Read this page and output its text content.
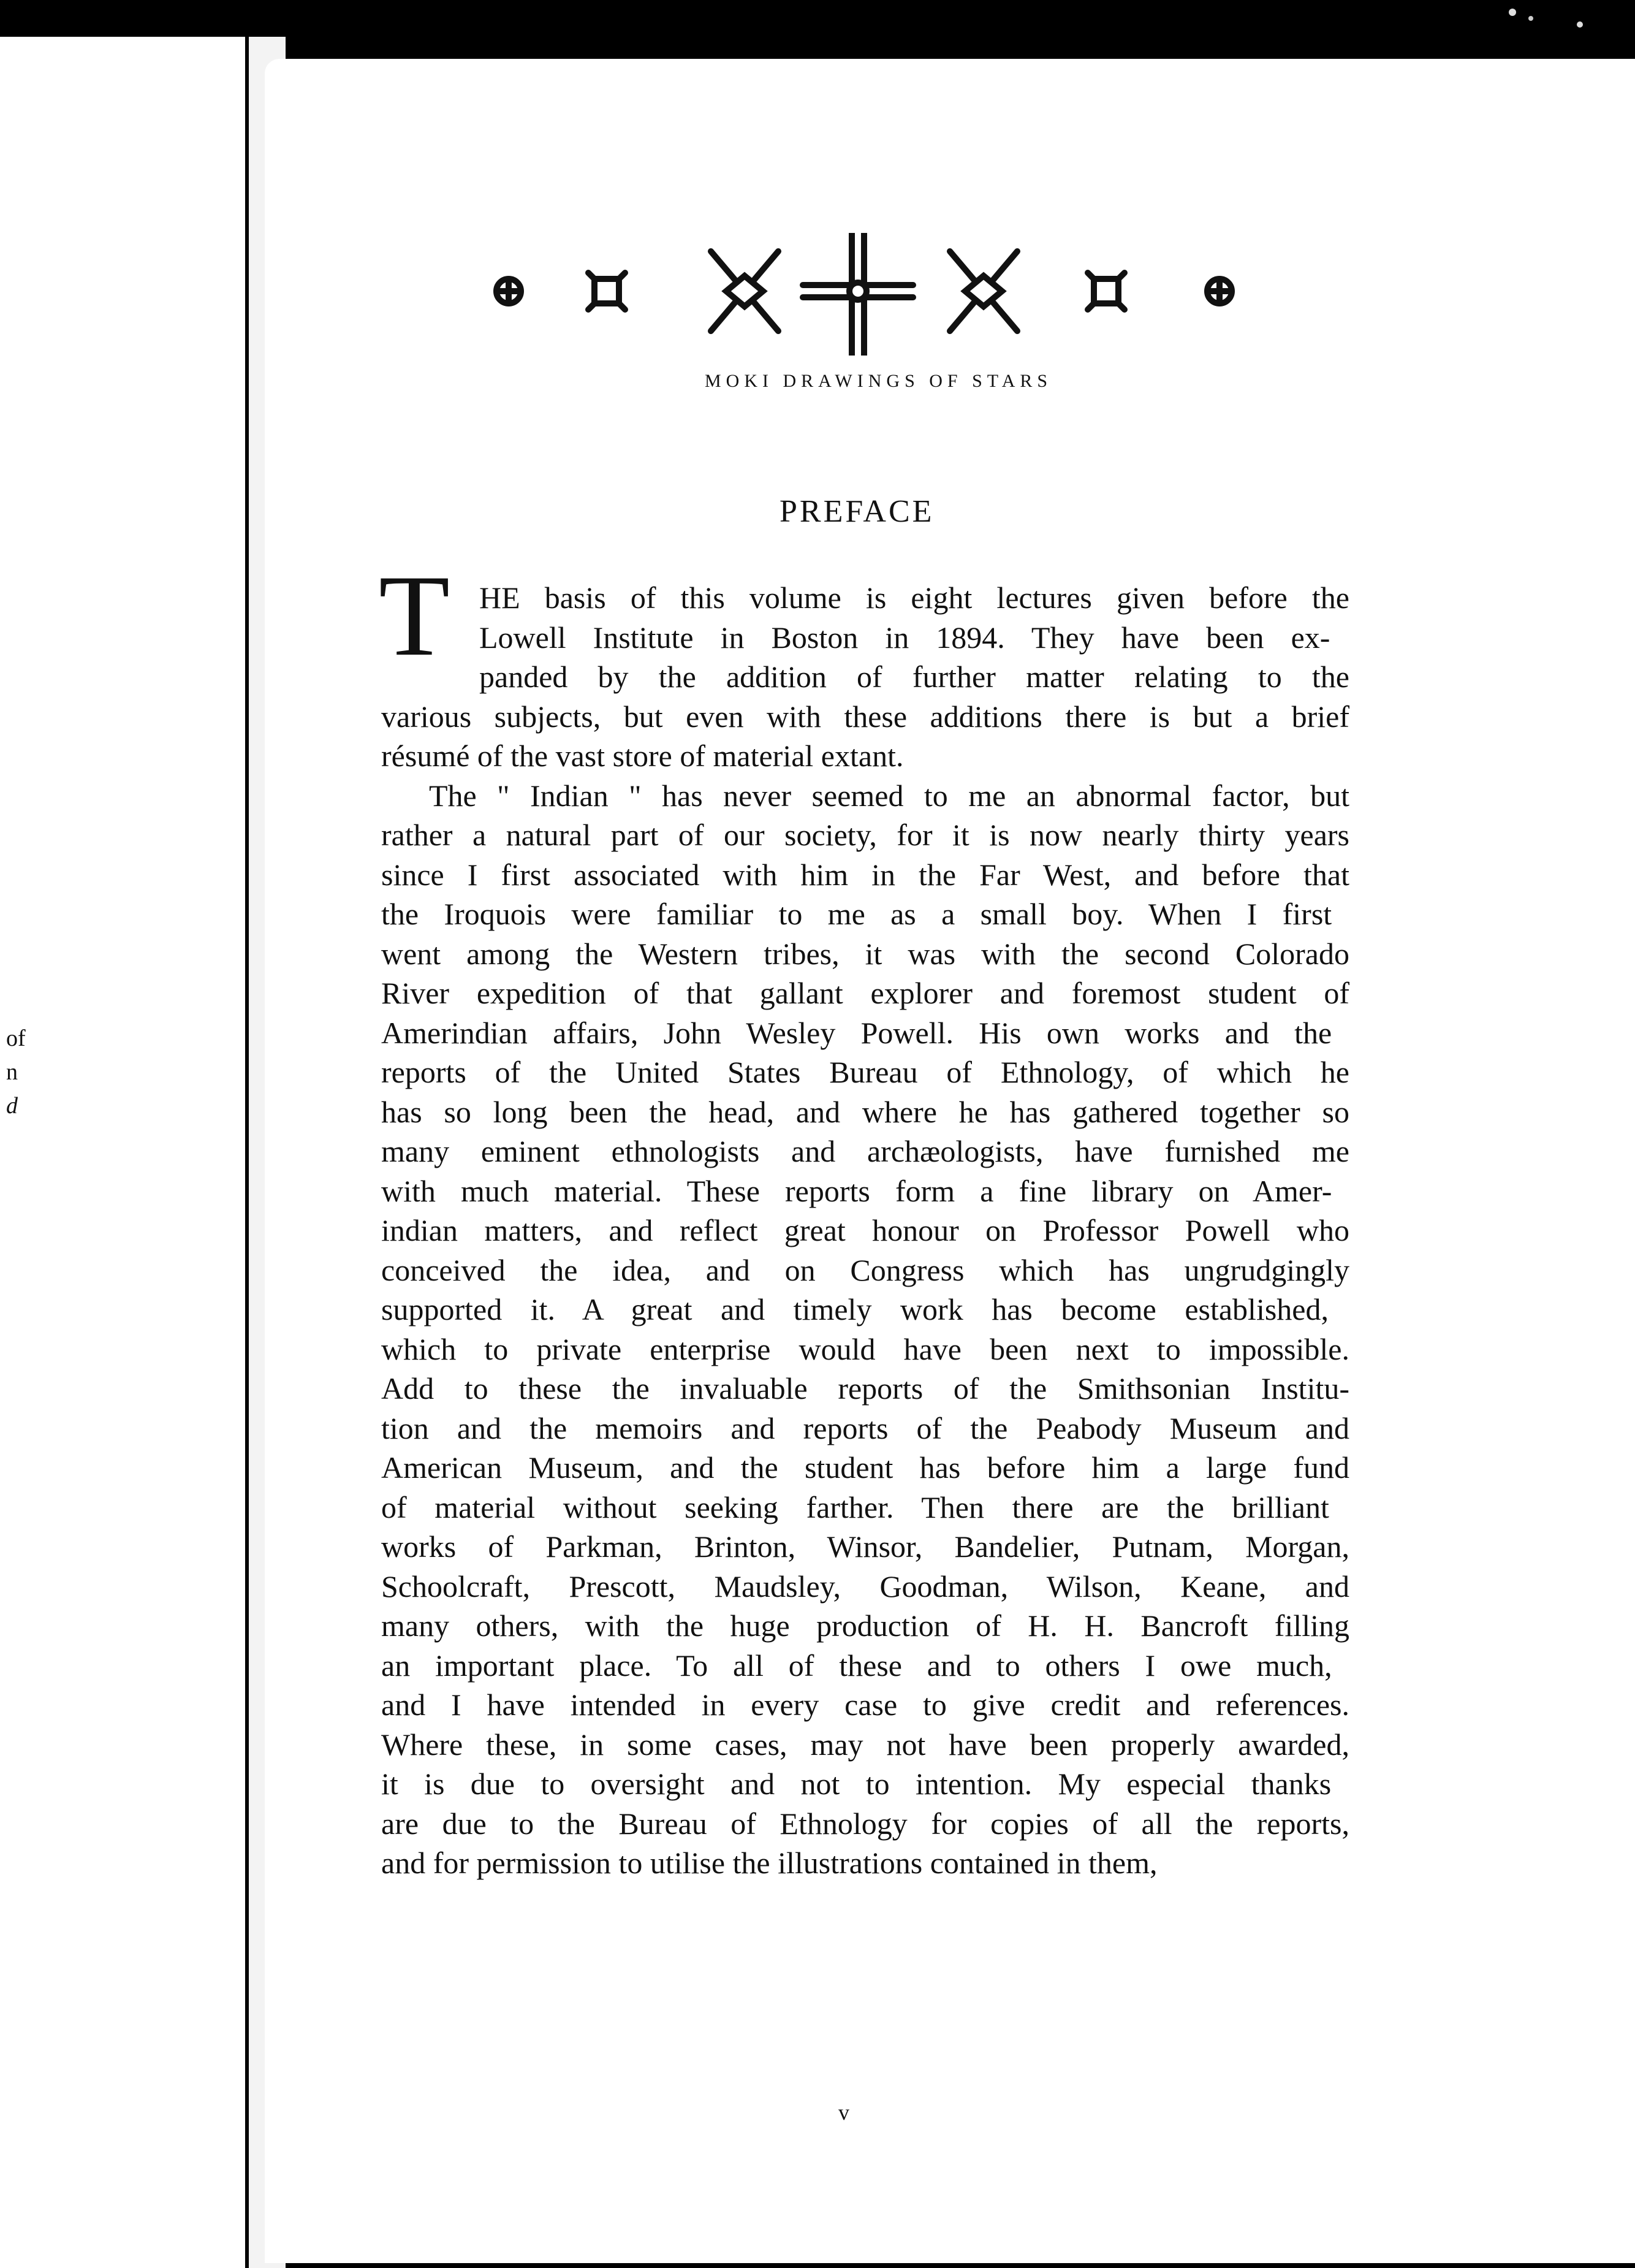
of
n
d
MOKI DRAWINGS OF STARS
PREFACE
T HE basis of this volume is eight lectures given before the
Lowell Institute in Boston in 1894. They have been ex-
panded by the addition of further matter relating to the
various subjects, but even with these additions there is but a brief
résumé of the vast store of material extant.
The " Indian " has never seemed to me an abnormal factor, but
rather a natural part of our society, for it is now nearly thirty years
since I first associated with him in the Far West, and before that
the Iroquois were familiar to me as a small boy. When I first
went among the Western tribes, it was with the second Colorado
River expedition of that gallant explorer and foremost student of
Amerindian affairs, John Wesley Powell. His own works and the
reports of the United States Bureau of Ethnology, of which he
has so long been the head, and where he has gathered together so
many eminent ethnologists and archæologists, have furnished me
with much material. These reports form a fine library on Amer-
indian matters, and reflect great honour on Professor Powell who
conceived the idea, and on Congress which has ungrudgingly
supported it. A great and timely work has become established,
which to private enterprise would have been next to impossible.
Add to these the invaluable reports of the Smithsonian Institu-
tion and the memoirs and reports of the Peabody Museum and
American Museum, and the student has before him a large fund
of material without seeking farther. Then there are the brilliant
works of Parkman, Brinton, Winsor, Bandelier, Putnam, Morgan,
Schoolcraft, Prescott, Maudsley, Goodman, Wilson, Keane, and
many others, with the huge production of H. H. Bancroft filling
an important place. To all of these and to others I owe much,
and I have intended in every case to give credit and references.
Where these, in some cases, may not have been properly awarded,
it is due to oversight and not to intention. My especial thanks
are due to the Bureau of Ethnology for copies of all the reports,
and for permission to utilise the illustrations contained in them,
v
